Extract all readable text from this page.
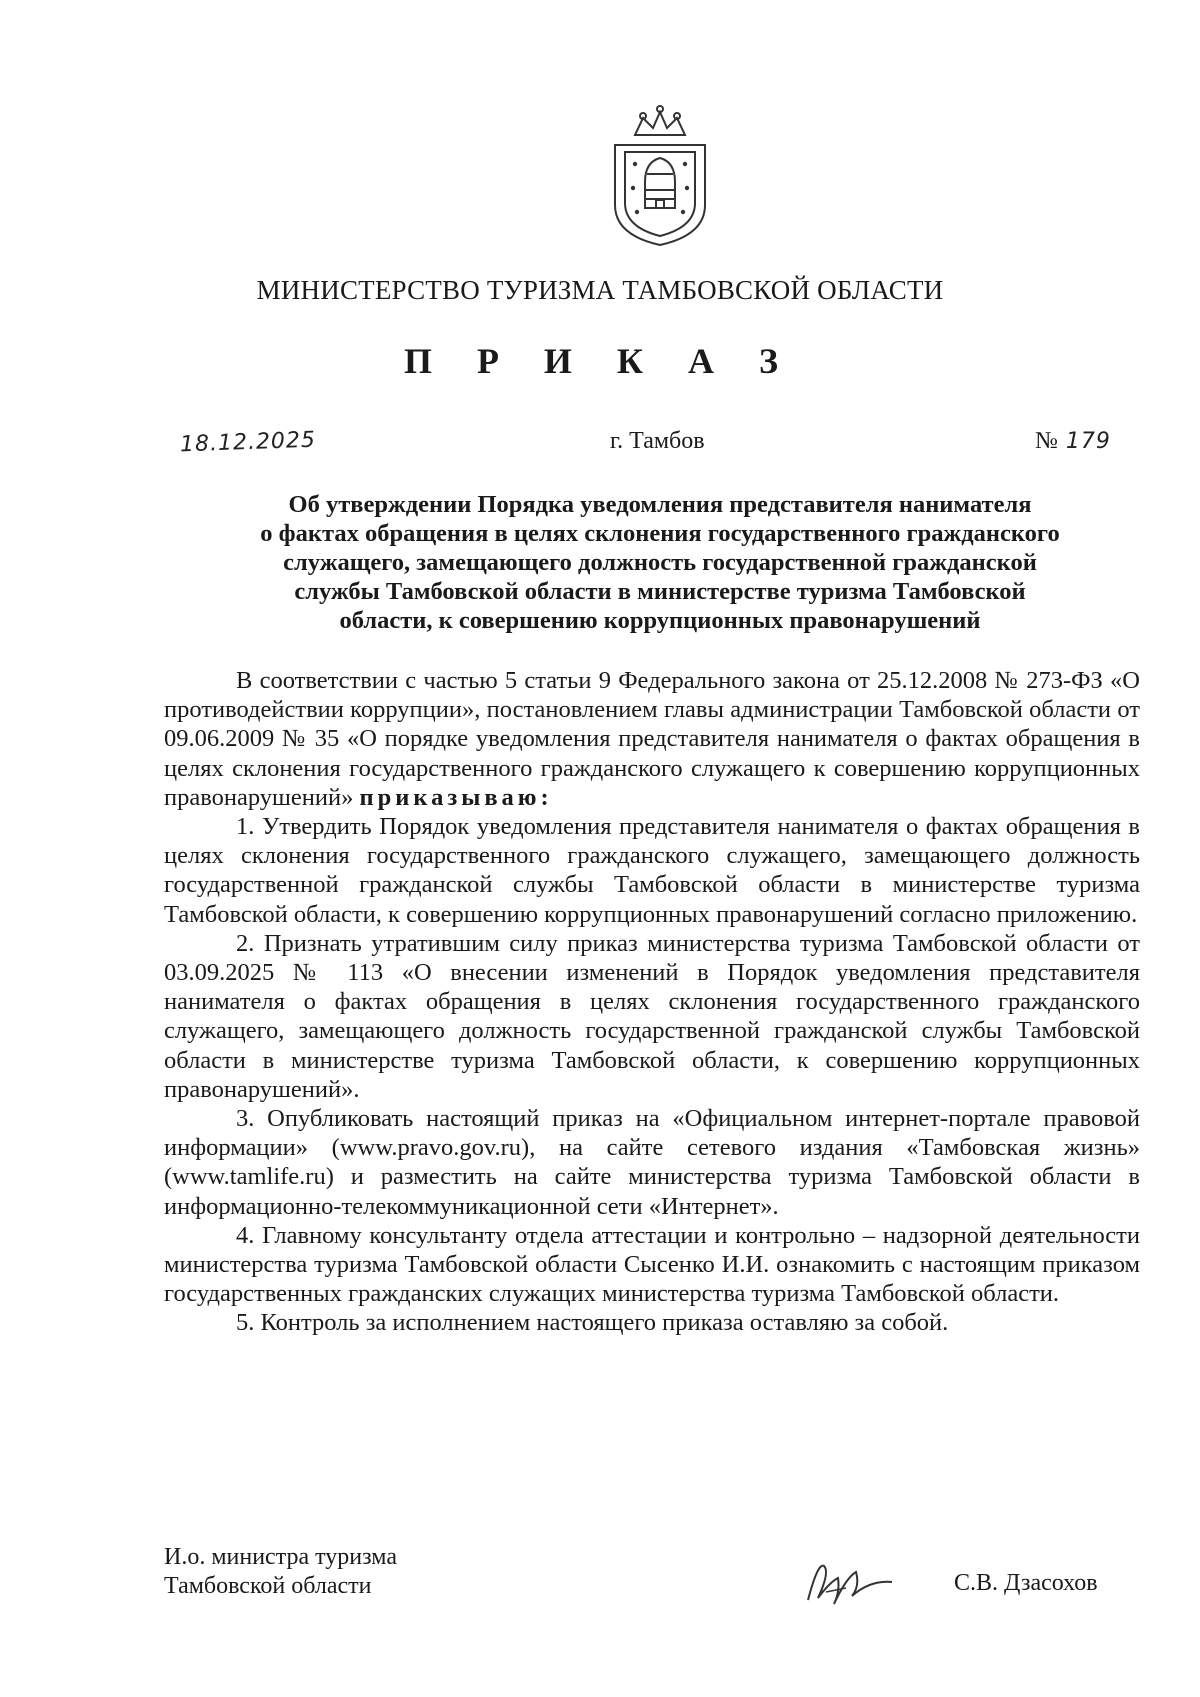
МИНИСТЕРСТВО ТУРИЗМА ТАМБОВСКОЙ ОБЛАСТИ
П Р И К А З
18.12.2025	г. Тамбов	№ 179
Об утверждении Порядка уведомления представителя нанимателя
о фактах обращения в целях склонения государственного гражданского
служащего, замещающего должность государственной гражданской
службы Тамбовской области в министерстве туризма Тамбовской
области, к совершению коррупционных правонарушений

В соответствии с частью 5 статьи 9 Федерального закона от 25.12.2008 № 273-ФЗ «О противодействии коррупции», постановлением главы администрации Тамбовской области от 09.06.2009 № 35 «О порядке уведомления представителя нанимателя о фактах обращения в целях склонения государственного гражданского служащего к совершению коррупционных правонарушений» приказываю:

1. Утвердить Порядок уведомления представителя нанимателя о фактах обращения в целях склонения государственного гражданского служащего, замещающего должность государственной гражданской службы Тамбовской области в министерстве туризма Тамбовской области, к совершению коррупционных правонарушений согласно приложению.

2. Признать утратившим силу приказ министерства туризма Тамбовской области от 03.09.2025 № 113 «О внесении изменений в Порядок уведомления представителя нанимателя о фактах обращения в целях склонения государственного гражданского служащего, замещающего должность государственной гражданской службы Тамбовской области в министерстве туризма Тамбовской области, к совершению коррупционных правонарушений».

3. Опубликовать настоящий приказ на «Официальном интернет-портале правовой информации» (www.pravo.gov.ru), на сайте сетевого издания «Тамбовская жизнь» (www.tamlife.ru) и разместить на сайте министерства туризма Тамбовской области в информационно-телекоммуникационной сети «Интернет».

4. Главному консультанту отдела аттестации и контрольно – надзорной деятельности министерства туризма Тамбовской области Сысенко И.И. ознакомить с настоящим приказом государственных гражданских служащих министерства туризма Тамбовской области.

5. Контроль за исполнением настоящего приказа оставляю за собой.

И.о. министра туризма
Тамбовской области	С.В. Дзасохов
